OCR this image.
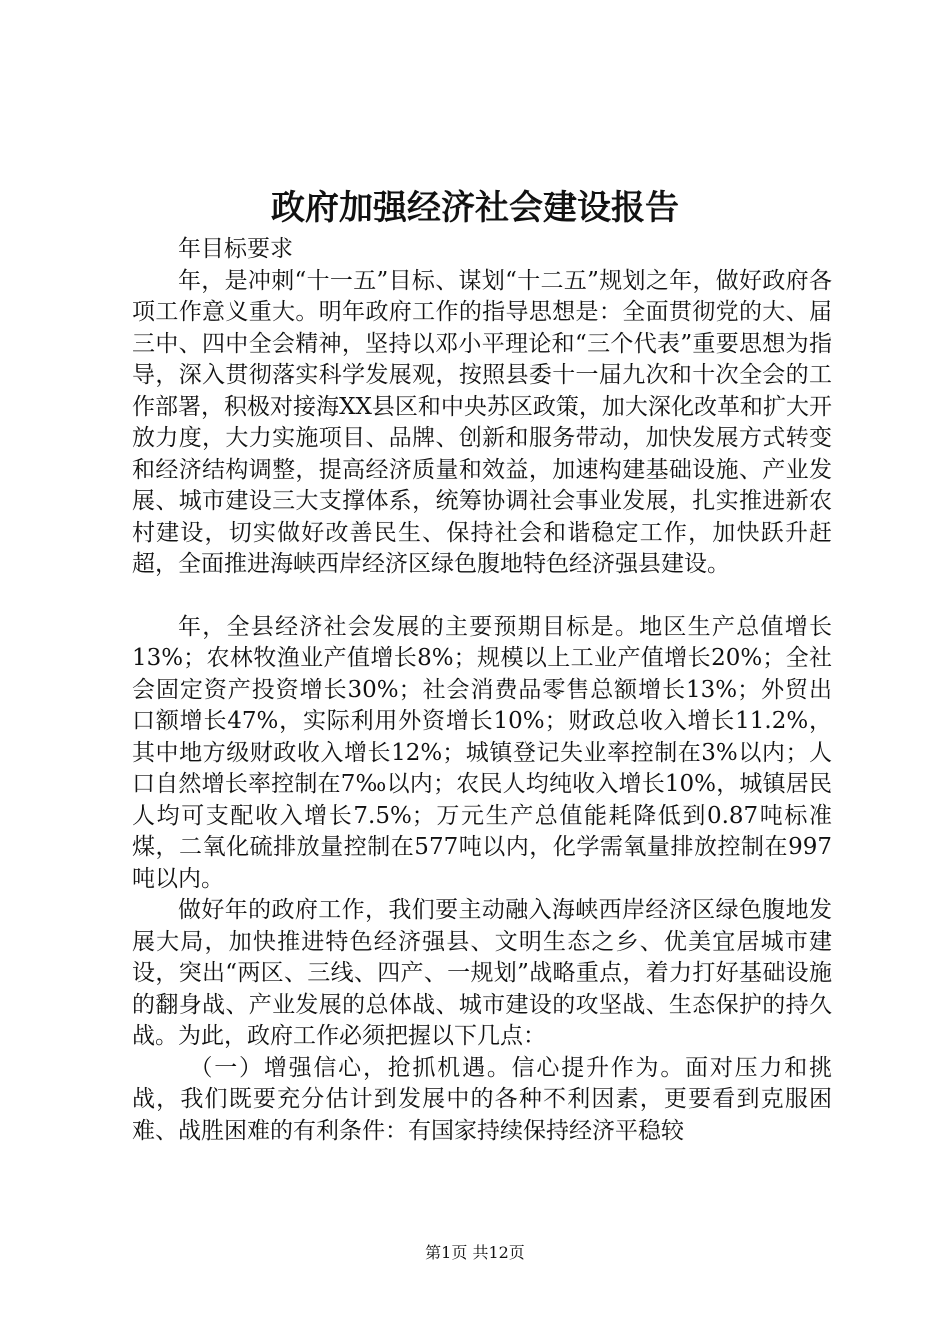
政府加强经济社会建设报告

年目标要求

年，是冲刺“十一五”目标、谋划“十二五”规划之年，做好政府各项工作意义重大。明年政府工作的指导思想是：全面贯彻党的大、届三中、四中全会精神，坚持以邓小平理论和“三个代表”重要思想为指导，深入贯彻落实科学发展观，按照县委十一届九次和十次全会的工作部署，积极对接海XX县区和中央苏区政策，加大深化改革和扩大开放力度，大力实施项目、品牌、创新和服务带动，加快发展方式转变和经济结构调整，提高经济质量和效益，加速构建基础设施、产业发展、城市建设三大支撑体系，统筹协调社会事业发展，扎实推进新农村建设，切实做好改善民生、保持社会和谐稳定工作，加快跃升赶超，全面推进海峡西岸经济区绿色腹地特色经济强县建设。

年，全县经济社会发展的主要预期目标是。地区生产总值增长13%；农林牧渔业产值增长8%；规模以上工业产值增长20%；全社会固定资产投资增长30%；社会消费品零售总额增长13%；外贸出口额增长47%，实际利用外资增长10%；财政总收入增长11.2%，其中地方级财政收入增长12%；城镇登记失业率控制在3%以内；人口自然增长率控制在7‰以内；农民人均纯收入增长10%，城镇居民人均可支配收入增长7.5%；万元生产总值能耗降低到0.87吨标准煤，二氧化硫排放量控制在577吨以内，化学需氧量排放控制在997吨以内。

做好年的政府工作，我们要主动融入海峡西岸经济区绿色腹地发展大局，加快推进特色经济强县、文明生态之乡、优美宜居城市建设，突出“两区、三线、四产、一规划”战略重点，着力打好基础设施的翻身战、产业发展的总体战、城市建设的攻坚战、生态保护的持久战。为此，政府工作必须把握以下几点：

（一）增强信心，抢抓机遇。信心提升作为。面对压力和挑战，我们既要充分估计到发展中的各种不利因素，更要看到克服困难、战胜困难的有利条件：有国家持续保持经济平稳较

第1页 共12页
